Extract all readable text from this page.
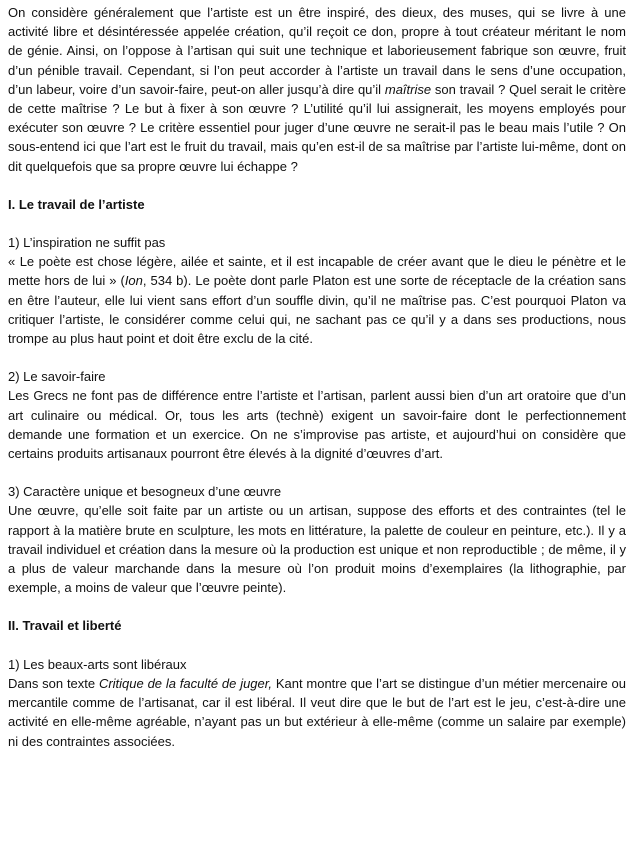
On considère généralement que l’artiste est un être inspiré, des dieux, des muses, qui se livre à une activité libre et désintéressée appelée création, qu’il reçoit ce don, propre à tout créateur méritant le nom de génie. Ainsi, on l’oppose à l’artisan qui suit une technique et laborieusement fabrique son œuvre, fruit d’un pénible travail. Cependant, si l’on peut accorder à l’artiste un travail dans le sens d’une occupation, d’un labeur, voire d’un savoir-faire, peut-on aller jusqu’à dire qu’il maîtrise son travail ? Quel serait le critère de cette maîtrise ? Le but à fixer à son œuvre ? L’utilité qu’il lui assignerait, les moyens employés pour exécuter son œuvre ? Le critère essentiel pour juger d’une œuvre ne serait-il pas le beau mais l’utile ? On sous-entend ici que l’art est le fruit du travail, mais qu’en est-il de sa maîtrise par l’artiste lui-même, dont on dit quelquefois que sa propre œuvre lui échappe ?

I. Le travail de l’artiste

1) L’inspiration ne suffit pas

« Le poète est chose légère, ailée et sainte, et il est incapable de créer avant que le dieu le pénètre et le mette hors de lui » (Ion, 534 b). Le poète dont parle Platon est une sorte de réceptacle de la création sans en être l’auteur, elle lui vient sans effort d’un souffle divin, qu’il ne maîtrise pas. C’est pourquoi Platon va critiquer l’artiste, le considérer comme celui qui, ne sachant pas ce qu’il y a dans ses productions, nous trompe au plus haut point et doit être exclu de la cité.

2) Le savoir-faire

Les Grecs ne font pas de différence entre l’artiste et l’artisan, parlent aussi bien d’un art oratoire que d’un art culinaire ou médical. Or, tous les arts (technè) exigent un savoir-faire dont le perfectionnement demande une formation et un exercice. On ne s’improvise pas artiste, et aujourd’hui on considère que certains produits artisanaux pourront être élevés à la dignité d’œuvres d’art.

3) Caractère unique et besogneux d’une œuvre

Une œuvre, qu’elle soit faite par un artiste ou un artisan, suppose des efforts et des contraintes (tel le rapport à la matière brute en sculpture, les mots en littérature, la palette de couleur en peinture, etc.). Il y a travail individuel et création dans la mesure où la production est unique et non reproductible ; de même, il y a plus de valeur marchande dans la mesure où l’on produit moins d’exemplaires (la lithographie, par exemple, a moins de valeur que l’œuvre peinte).

II. Travail et liberté

1) Les beaux-arts sont libéraux

Dans son texte Critique de la faculté de juger, Kant montre que l’art se distingue d’un métier mercenaire ou mercantile comme de l’artisanat, car il est libéral. Il veut dire que le but de l’art est le jeu, c’est-à-dire une activité en elle-même agréable, n’ayant pas un but extérieur à elle-même (comme un salaire par exemple) ni des contraintes associées.
